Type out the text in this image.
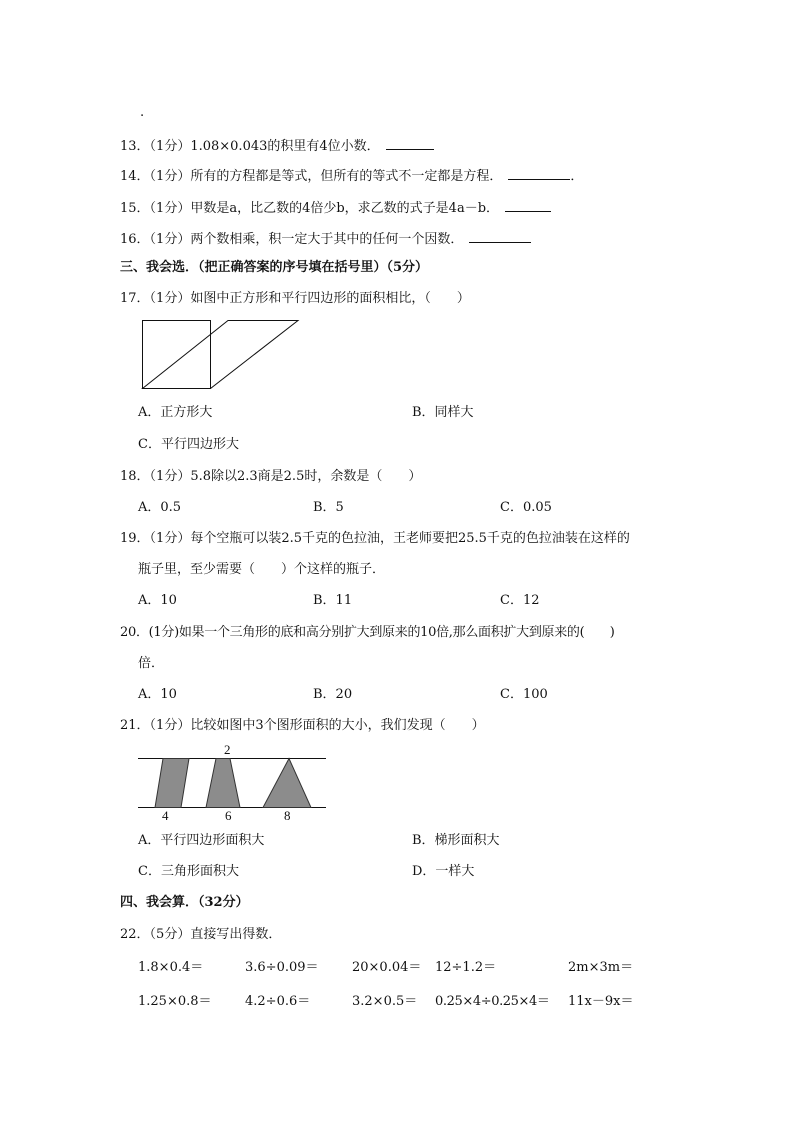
.
13．（1分）1.08×0.043的积里有4位小数．
14．（1分）所有的方程都是等式，但所有的等式不一定都是方程．	．
15．（1分）甲数是a，比乙数的4倍少b，求乙数的式子是4a－b．
16．（1分）两个数相乘，积一定大于其中的任何一个因数．
三、我会选．（把正确答案的序号填在括号里）（5分）
17．（1分）如图中正方形和平行四边形的面积相比，（　　）
A．正方形大	B．同样大
C．平行四边形大
18．（1分）5.8除以2.3商是2.5时，余数是（　　）
A．0.5	B．5	C．0.05
19．（1分）每个空瓶可以装2.5千克的色拉油，王老师要把25.5千克的色拉油装在这样的
瓶子里，至少需要（　　）个这样的瓶子．
A．10	B．11	C．12
20．(1分)如果一个三角形的底和高分别扩大到原来的10倍,那么面积扩大到原来的(　　)
倍．
A．10	B．20	C．100
21．（1分）比较如图中3个图形面积的大小，我们发现（　　）
2
4	6	8
A．平行四边形面积大	B．梯形面积大
C．三角形面积大	D．一样大
四、我会算．（32分）
22．（5分）直接写出得数．
1.8×0.4＝	3.6÷0.09＝	20×0.04＝ 12÷1.2＝	2m×3m＝
1.25×0.8＝	4.2÷0.6＝	3.2×0.5＝ 0.25×4÷0.25×4＝ 11x－9x＝
